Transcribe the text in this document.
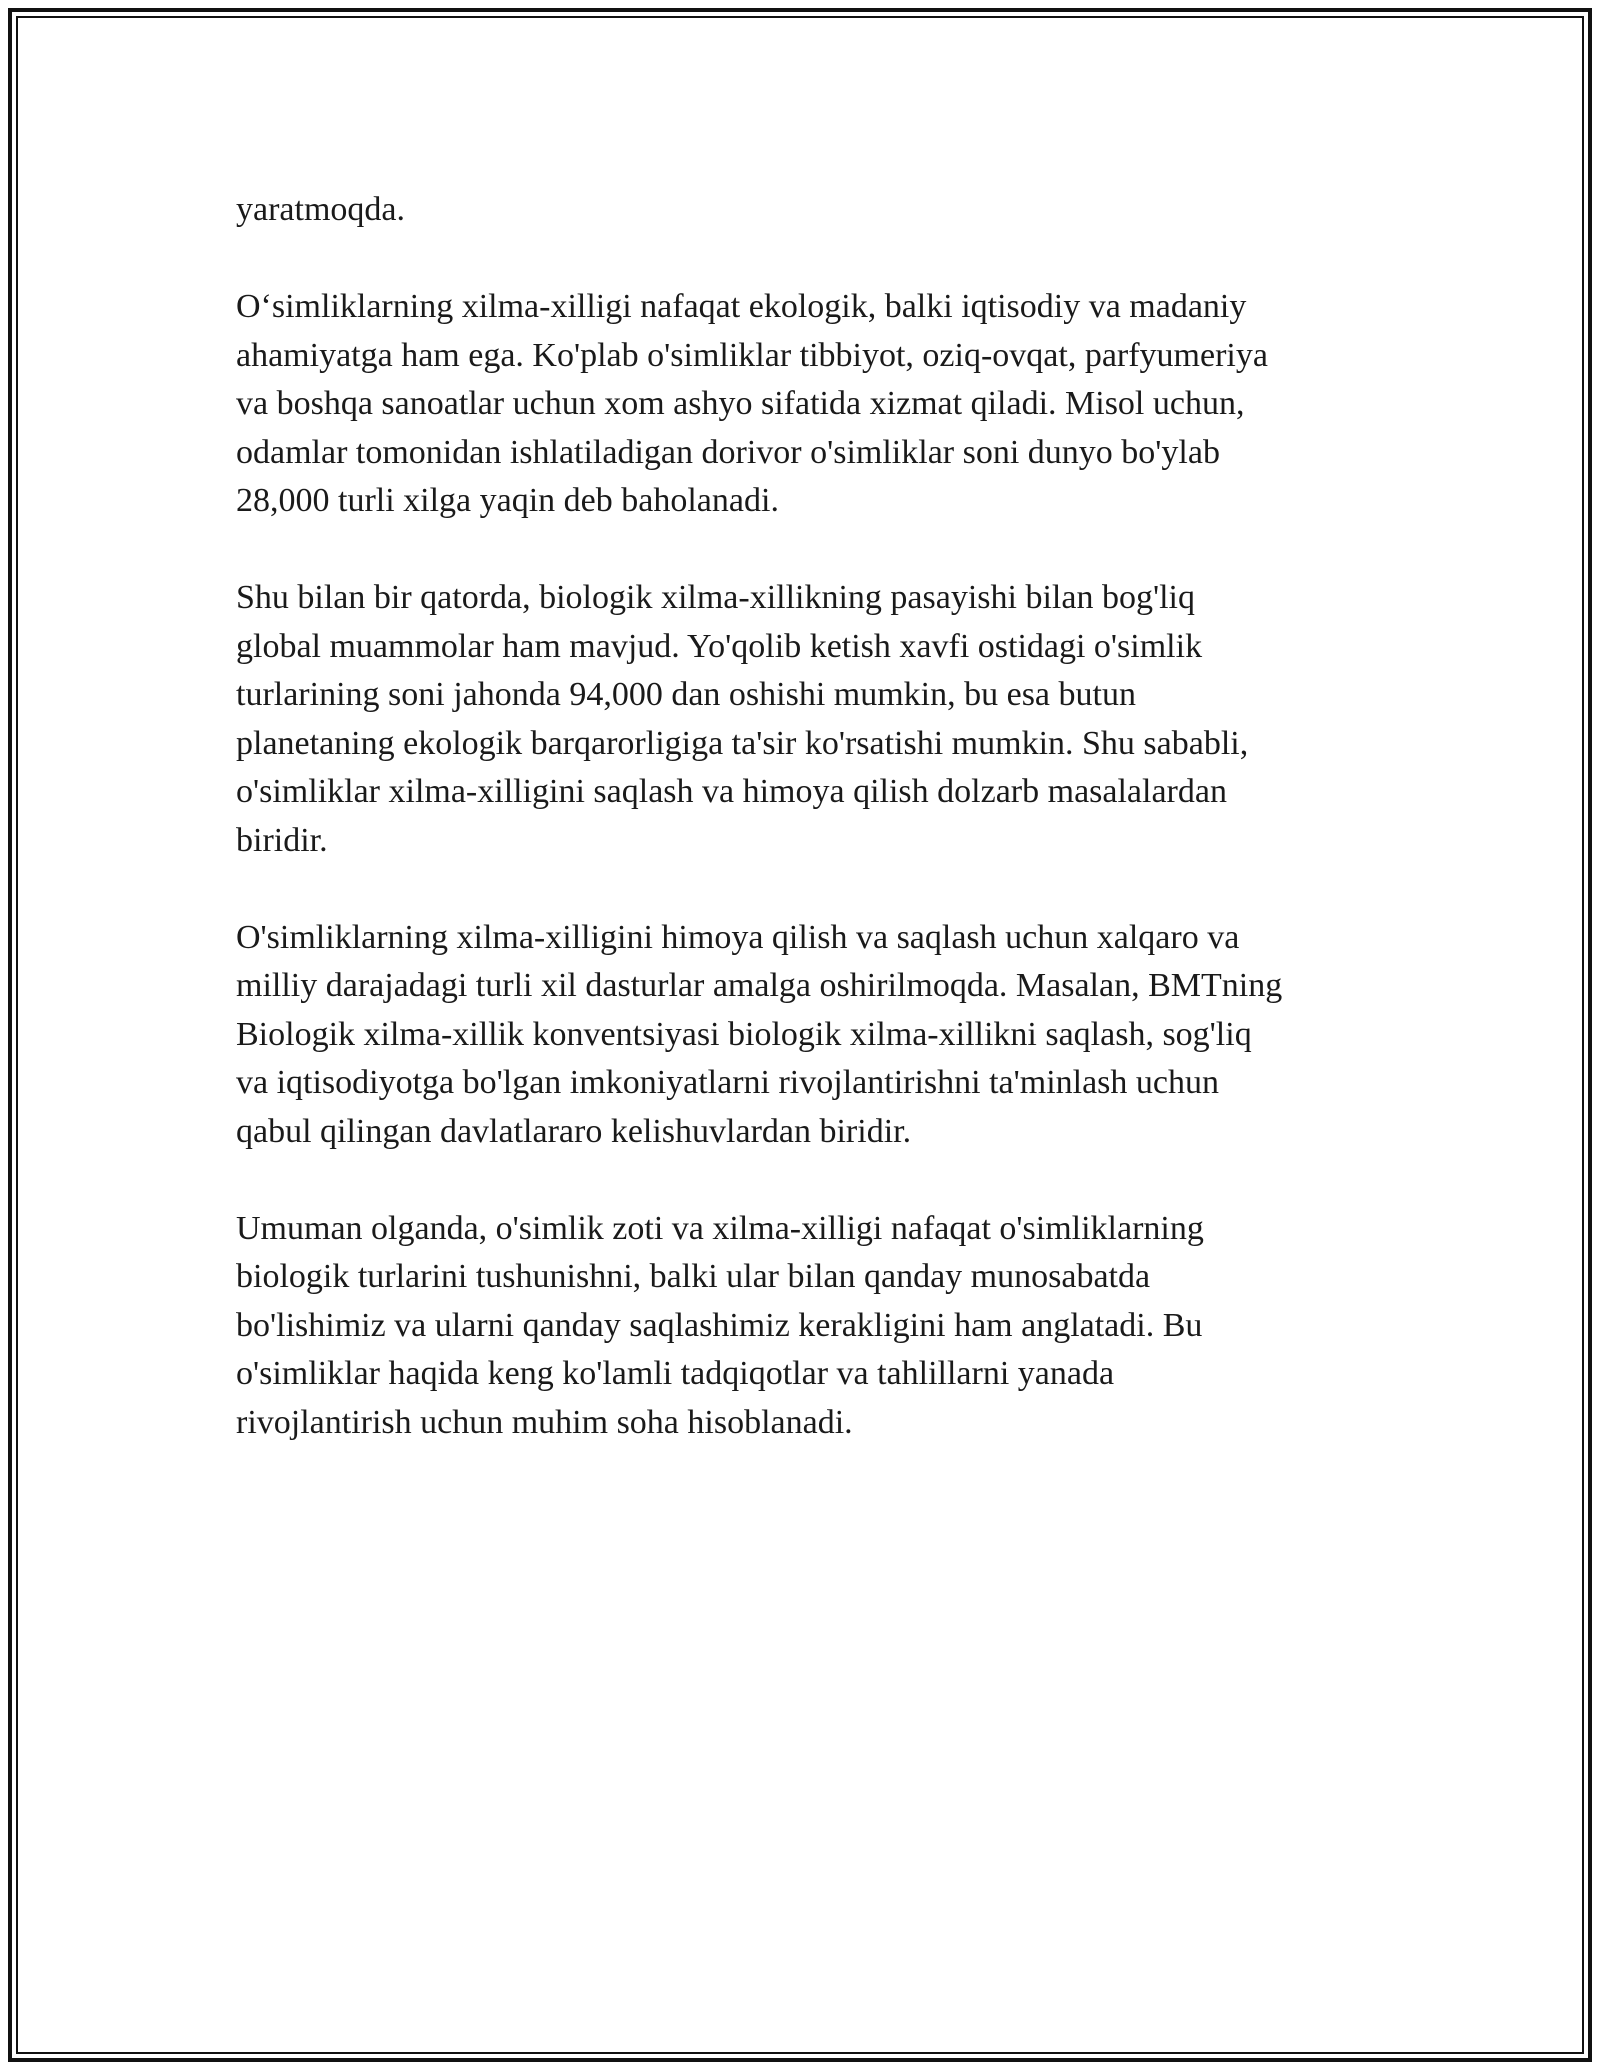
yaratmoqda.

O‘simliklarning xilma-xilligi nafaqat ekologik, balki iqtisodiy va madaniy
ahamiyatga ham ega. Ko'plab o'simliklar tibbiyot, oziq-ovqat, parfyumeriya
va boshqa sanoatlar uchun xom ashyo sifatida xizmat qiladi. Misol uchun,
odamlar tomonidan ishlatiladigan dorivor o'simliklar soni dunyo bo'ylab
28,000 turli xilga yaqin deb baholanadi.

Shu bilan bir qatorda, biologik xilma-xillikning pasayishi bilan bog'liq
global muammolar ham mavjud. Yo'qolib ketish xavfi ostidagi o'simlik
turlarining soni jahonda 94,000 dan oshishi mumkin, bu esa butun
planetaning ekologik barqarorligiga ta'sir ko'rsatishi mumkin. Shu sababli,
o'simliklar xilma-xilligini saqlash va himoya qilish dolzarb masalalardan
biridir.

O'simliklarning xilma-xilligini himoya qilish va saqlash uchun xalqaro va
milliy darajadagi turli xil dasturlar amalga oshirilmoqda. Masalan, BMTning
Biologik xilma-xillik konventsiyasi biologik xilma-xillikni saqlash, sog'liq
va iqtisodiyotga bo'lgan imkoniyatlarni rivojlantirishni ta'minlash uchun
qabul qilingan davlatlararo kelishuvlardan biridir.

Umuman olganda, o'simlik zoti va xilma-xilligi nafaqat o'simliklarning
biologik turlarini tushunishni, balki ular bilan qanday munosabatda
bo'lishimiz va ularni qanday saqlashimiz kerakligini ham anglatadi. Bu
o'simliklar haqida keng ko'lamli tadqiqotlar va tahlillarni yanada
rivojlantirish uchun muhim soha hisoblanadi.
